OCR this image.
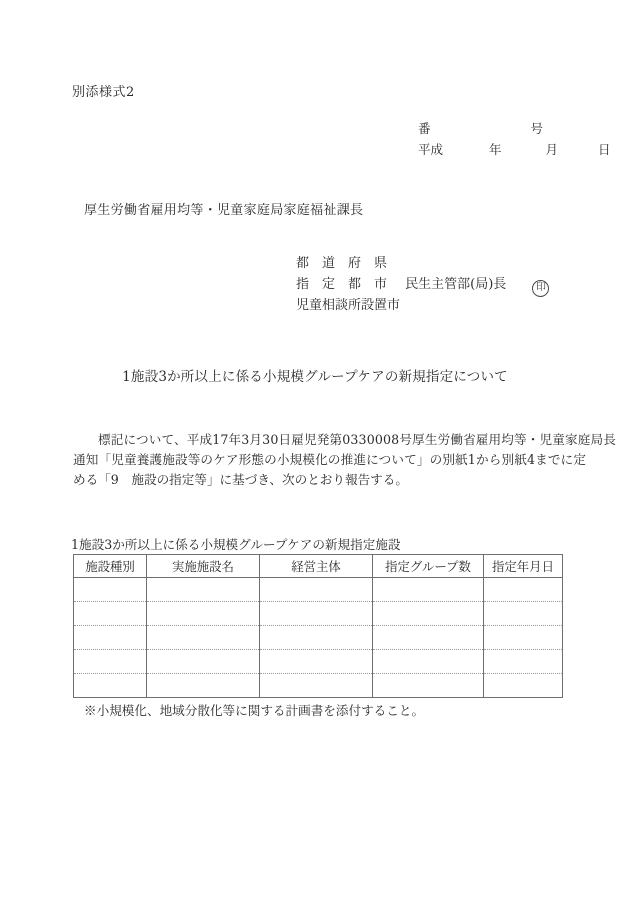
別添様式2
番	号
平成	年	月	日
厚生労働省雇用均等・児童家庭局家庭福祉課長
都　道　府　県
指　定　都　市 民生主管部(局)長	印
児童相談所設置市
1施設3か所以上に係る小規模グループケアの新規指定について
標記について、平成17年3月30日雇児発第0330008号厚生労働省雇用均等・児童家庭局長
通知「児童養護施設等のケア形態の小規模化の推進について」の別紙1から別紙4までに定
める「9　施設の指定等」に基づき、次のとおり報告する。
1施設3か所以上に係る小規模グループケアの新規指定施設
施設種別	実施施設名	経営主体	指定グループ数	指定年月日

※小規模化、地域分散化等に関する計画書を添付すること。
